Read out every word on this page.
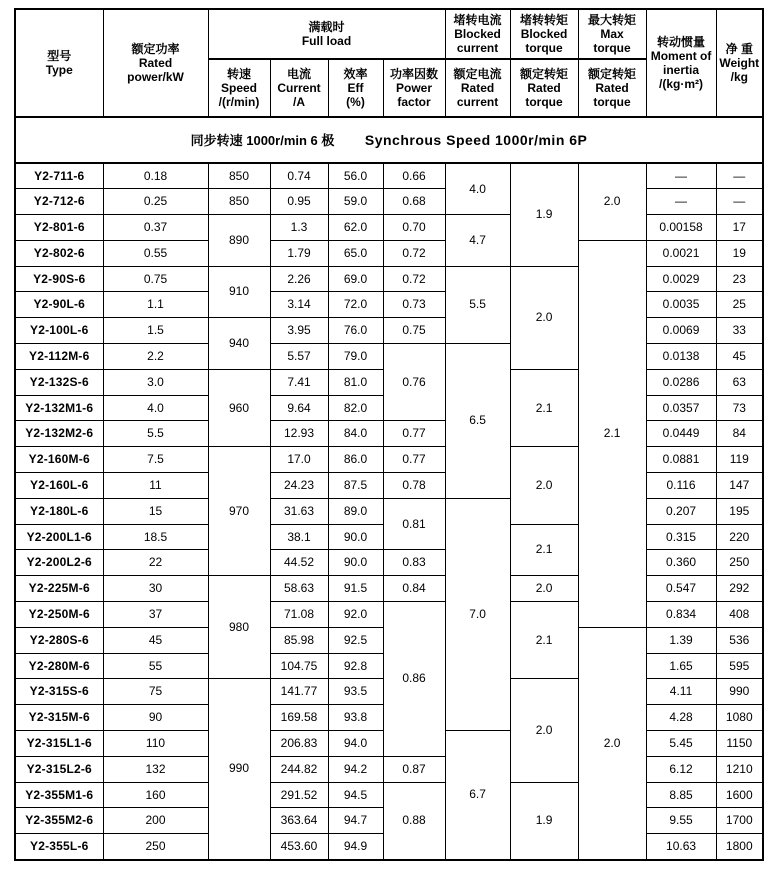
型号
Type	额定功率
Rated
power/kW	满载时
Full load				堵转电流
Blocked
current	堵转转矩
Blocked
torque	最大转矩
Max
torque	转动惯量
Moment of
inertia
/(kg·m²)	净 重
Weight
/kg

		转速
Speed
/(r/min)	电流
Current
/A	效率
Eff
(%)	功率因数
Power
factor	额定电流
Rated
current	额定转矩
Rated
torque	额定转矩
Rated
torque		

同步转速 1000r/min 6 极 Synchrous Speed 1000r/min 6P										
Y2-711-6	0.18	850	0.74	56.0	0.66	4.0	1.9	2.0	—	—
Y2-712-6	0.25	850	0.95	59.0	0.68				—	—
Y2-801-6	0.37	890	1.3	62.0	0.70	4.7			0.00158	17
Y2-802-6	0.55		1.79	65.0	0.72			2.1	0.0021	19
Y2-90S-6	0.75	910	2.26	69.0	0.72	5.5	2.0		0.0029	23
Y2-90L-6	1.1		3.14	72.0	0.73				0.0035	25
Y2-100L-6	1.5	940	3.95	76.0	0.75				0.0069	33
Y2-112M-6	2.2		5.57	79.0	0.76	6.5			0.0138	45
Y2-132S-6	3.0	960	7.41	81.0			2.1		0.0286	63
Y2-132M1-6	4.0		9.64	82.0					0.0357	73
Y2-132M2-6	5.5		12.93	84.0	0.77				0.0449	84
Y2-160M-6	7.5	970	17.0	86.0	0.77		2.0		0.0881	119
Y2-160L-6	11		24.23	87.5	0.78				0.116	147
Y2-180L-6	15		31.63	89.0	0.81	7.0			0.207	195
Y2-200L1-6	18.5		38.1	90.0			2.1		0.315	220
Y2-200L2-6	22		44.52	90.0	0.83				0.360	250
Y2-225M-6	30	980	58.63	91.5	0.84		2.0		0.547	292
Y2-250M-6	37		71.08	92.0	0.86		2.1		0.834	408
Y2-280S-6	45		85.98	92.5				2.0	1.39	536
Y2-280M-6	55		104.75	92.8					1.65	595
Y2-315S-6	75	990	141.77	93.5			2.0		4.11	990
Y2-315M-6	90		169.58	93.8					4.28	1080
Y2-315L1-6	110		206.83	94.0		6.7			5.45	1150
Y2-315L2-6	132		244.82	94.2	0.87				6.12	1210
Y2-355M1-6	160		291.52	94.5	0.88		1.9		8.85	1600
Y2-355M2-6	200		363.64	94.7					9.55	1700
Y2-355L-6	250		453.60	94.9					10.63	1800
